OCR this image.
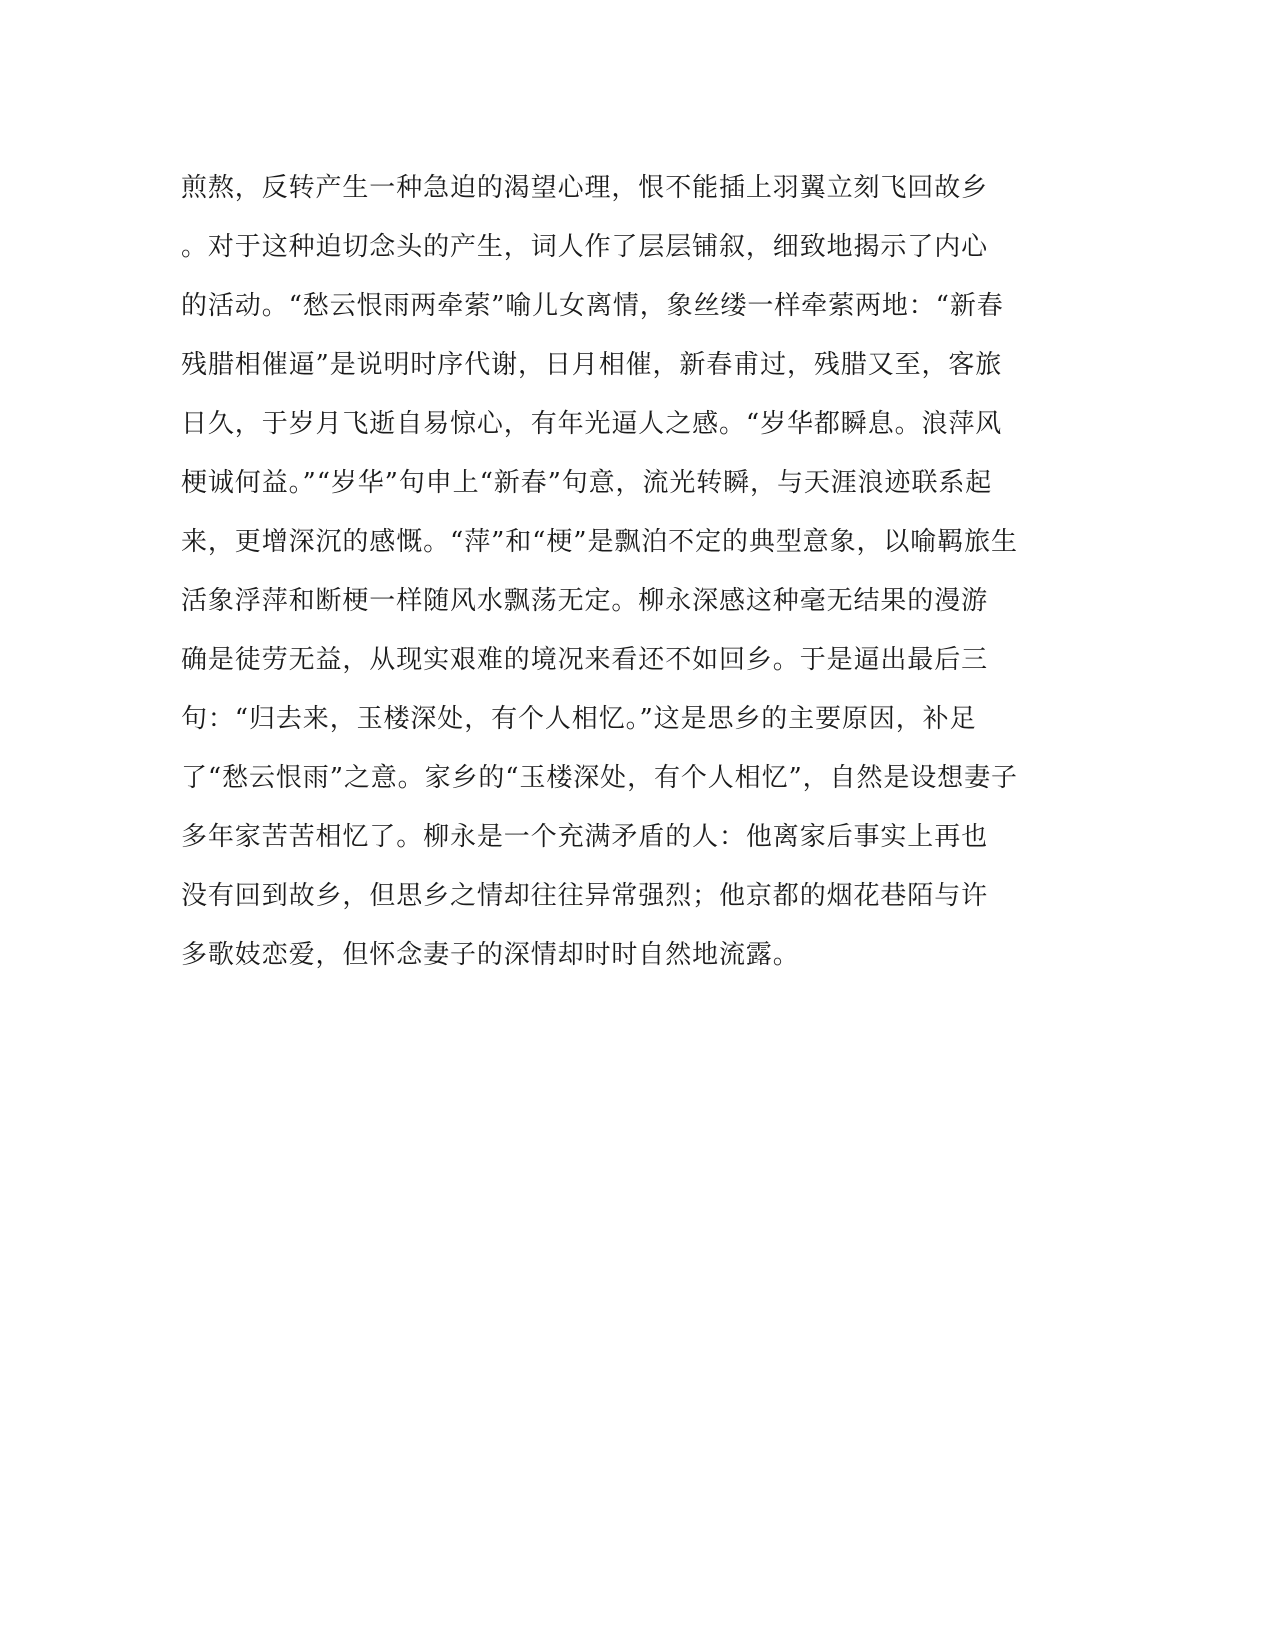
煎熬，反转产生一种急迫的渴望心理，恨不能插上羽翼立刻飞回故乡
。对于这种迫切念头的产生，词人作了层层铺叙，细致地揭示了内心
的活动。“愁云恨雨两牵萦”喻儿女离情，象丝缕一样牵萦两地：“新春
残腊相催逼”是说明时序代谢，日月相催，新春甫过，残腊又至，客旅
日久，于岁月飞逝自易惊心，有年光逼人之感。“岁华都瞬息。浪萍风
梗诚何益。”“岁华”句申上“新春”句意，流光转瞬，与天涯浪迹联系起
来，更增深沉的感慨。“萍”和“梗”是飘泊不定的典型意象，以喻羁旅生
活象浮萍和断梗一样随风水飘荡无定。柳永深感这种毫无结果的漫游
确是徒劳无益，从现实艰难的境况来看还不如回乡。于是逼出最后三
句：“归去来，玉楼深处，有个人相忆。”这是思乡的主要原因，补足
了“愁云恨雨”之意。家乡的“玉楼深处，有个人相忆”，自然是设想妻子
多年家苦苦相忆了。柳永是一个充满矛盾的人：他离家后事实上再也
没有回到故乡，但思乡之情却往往异常强烈；他京都的烟花巷陌与许
多歌妓恋爱，但怀念妻子的深情却时时自然地流露。
